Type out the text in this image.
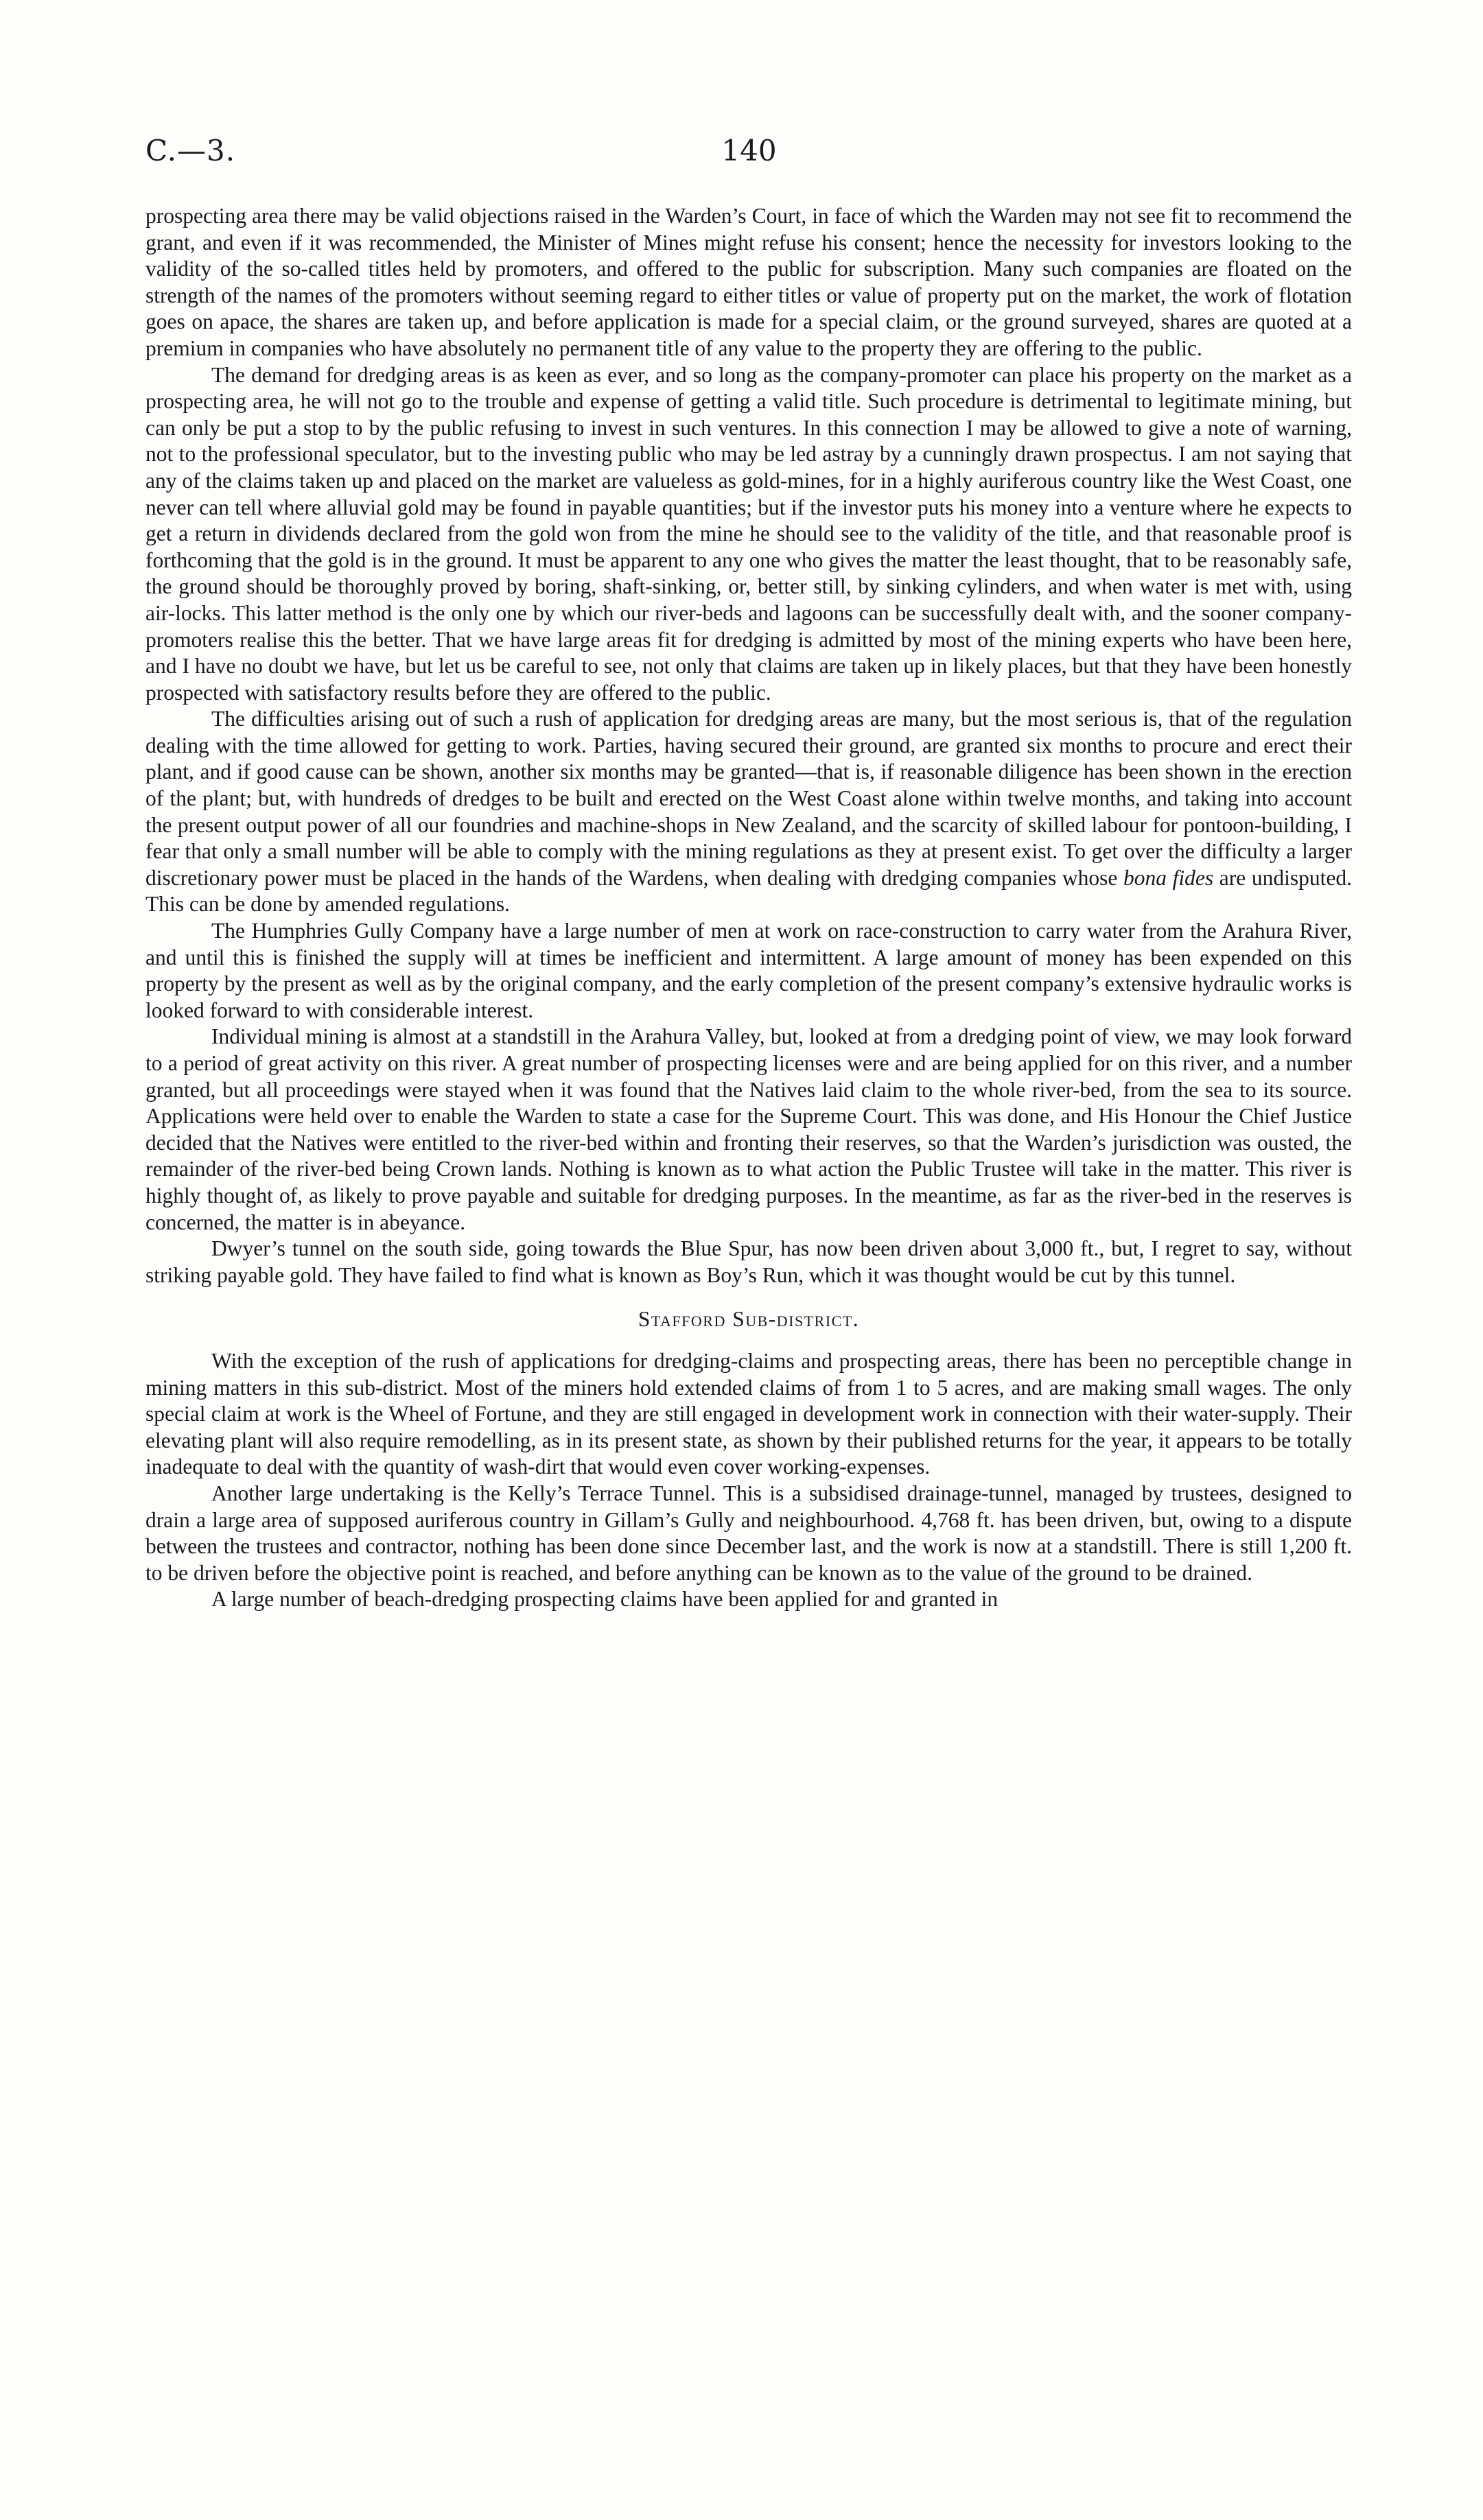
C.—3.	140

prospecting area there may be valid objections raised in the Warden’s Court, in face of which the Warden may not see fit to recommend the grant, and even if it was recommended, the Minister of Mines might refuse his consent; hence the necessity for investors looking to the validity of the so-called titles held by promoters, and offered to the public for subscription. Many such companies are floated on the strength of the names of the promoters without seeming regard to either titles or value of property put on the market, the work of flotation goes on apace, the shares are taken up, and before application is made for a special claim, or the ground surveyed, shares are quoted at a premium in companies who have absolutely no permanent title of any value to the property they are offering to the public.

The demand for dredging areas is as keen as ever, and so long as the company-promoter can place his property on the market as a prospecting area, he will not go to the trouble and expense of getting a valid title. Such procedure is detrimental to legitimate mining, but can only be put a stop to by the public refusing to invest in such ventures. In this connection I may be allowed to give a note of warning, not to the professional speculator, but to the investing public who may be led astray by a cunningly drawn prospectus. I am not saying that any of the claims taken up and placed on the market are valueless as gold-mines, for in a highly auriferous country like the West Coast, one never can tell where alluvial gold may be found in payable quantities; but if the investor puts his money into a venture where he expects to get a return in dividends declared from the gold won from the mine he should see to the validity of the title, and that reasonable proof is forthcoming that the gold is in the ground. It must be apparent to any one who gives the matter the least thought, that to be reasonably safe, the ground should be thoroughly proved by boring, shaft-sinking, or, better still, by sinking cylinders, and when water is met with, using air-locks. This latter method is the only one by which our river-beds and lagoons can be successfully dealt with, and the sooner company-promoters realise this the better. That we have large areas fit for dredging is admitted by most of the mining experts who have been here, and I have no doubt we have, but let us be careful to see, not only that claims are taken up in likely places, but that they have been honestly prospected with satisfactory results before they are offered to the public.

The difficulties arising out of such a rush of application for dredging areas are many, but the most serious is, that of the regulation dealing with the time allowed for getting to work. Parties, having secured their ground, are granted six months to procure and erect their plant, and if good cause can be shown, another six months may be granted—that is, if reasonable diligence has been shown in the erection of the plant; but, with hundreds of dredges to be built and erected on the West Coast alone within twelve months, and taking into account the present output power of all our foundries and machine-shops in New Zealand, and the scarcity of skilled labour for pontoon-building, I fear that only a small number will be able to comply with the mining regulations as they at present exist. To get over the difficulty a larger discretionary power must be placed in the hands of the Wardens, when dealing with dredging companies whose bona fides are undisputed. This can be done by amended regulations.

The Humphries Gully Company have a large number of men at work on race-construction to carry water from the Arahura River, and until this is finished the supply will at times be inefficient and intermittent. A large amount of money has been expended on this property by the present as well as by the original company, and the early completion of the present company’s extensive hydraulic works is looked forward to with considerable interest.

Individual mining is almost at a standstill in the Arahura Valley, but, looked at from a dredging point of view, we may look forward to a period of great activity on this river. A great number of prospecting licenses were and are being applied for on this river, and a number granted, but all proceedings were stayed when it was found that the Natives laid claim to the whole river-bed, from the sea to its source. Applications were held over to enable the Warden to state a case for the Supreme Court. This was done, and His Honour the Chief Justice decided that the Natives were entitled to the river-bed within and fronting their reserves, so that the Warden’s jurisdiction was ousted, the remainder of the river-bed being Crown lands. Nothing is known as to what action the Public Trustee will take in the matter. This river is highly thought of, as likely to prove payable and suitable for dredging purposes. In the meantime, as far as the river-bed in the reserves is concerned, the matter is in abeyance.

Dwyer’s tunnel on the south side, going towards the Blue Spur, has now been driven about 3,000 ft., but, I regret to say, without striking payable gold. They have failed to find what is known as Boy’s Run, which it was thought would be cut by this tunnel.

Stafford Sub-district.

With the exception of the rush of applications for dredging-claims and prospecting areas, there has been no perceptible change in mining matters in this sub-district. Most of the miners hold extended claims of from 1 to 5 acres, and are making small wages. The only special claim at work is the Wheel of Fortune, and they are still engaged in development work in connection with their water-supply. Their elevating plant will also require remodelling, as in its present state, as shown by their published returns for the year, it appears to be totally inadequate to deal with the quantity of wash-dirt that would even cover working-expenses.

Another large undertaking is the Kelly’s Terrace Tunnel. This is a subsidised drainage-tunnel, managed by trustees, designed to drain a large area of supposed auriferous country in Gillam’s Gully and neighbourhood. 4,768 ft. has been driven, but, owing to a dispute between the trustees and contractor, nothing has been done since December last, and the work is now at a standstill. There is still 1,200 ft. to be driven before the objective point is reached, and before anything can be known as to the value of the ground to be drained.

A large number of beach-dredging prospecting claims have been applied for and granted in
